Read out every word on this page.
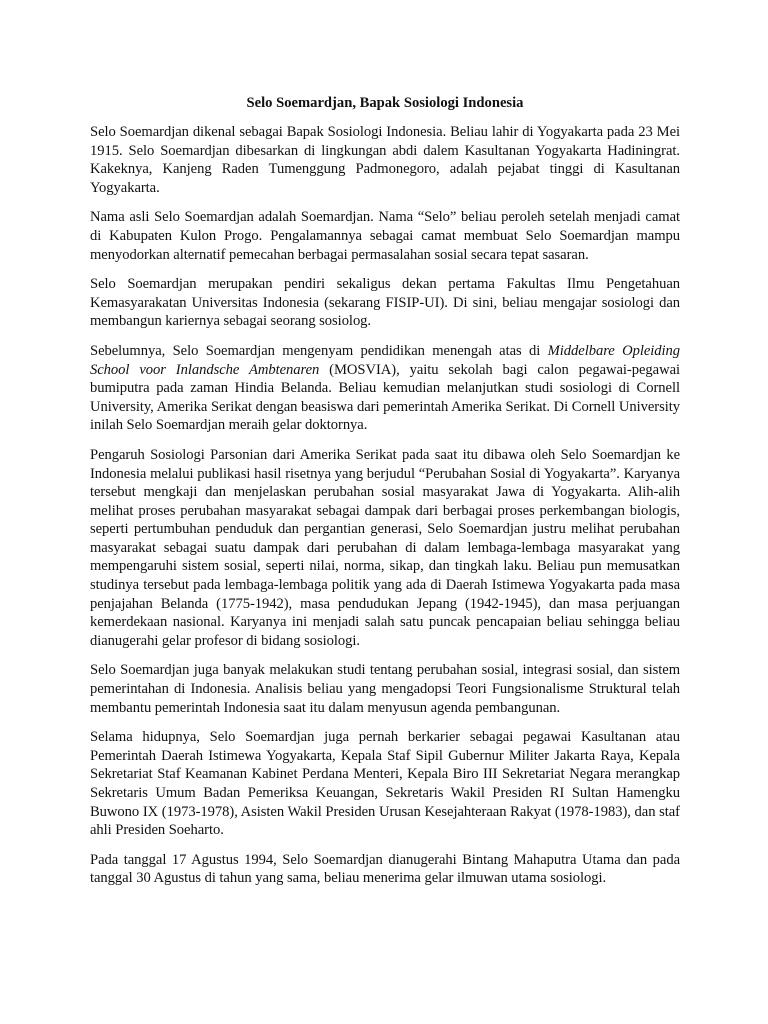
Selo Soemardjan, Bapak Sosiologi Indonesia

Selo Soemardjan dikenal sebagai Bapak Sosiologi Indonesia. Beliau lahir di Yogyakarta pada 23 Mei 1915. Selo Soemardjan dibesarkan di lingkungan abdi dalem Kasultanan Yogyakarta Hadiningrat. Kakeknya, Kanjeng Raden Tumenggung Padmonegoro, adalah pejabat tinggi di Kasultanan Yogyakarta.

Nama asli Selo Soemardjan adalah Soemardjan. Nama “Selo” beliau peroleh setelah menjadi camat di Kabupaten Kulon Progo. Pengalamannya sebagai camat membuat Selo Soemardjan mampu menyodorkan alternatif pemecahan berbagai permasalahan sosial secara tepat sasaran.

Selo Soemardjan merupakan pendiri sekaligus dekan pertama Fakultas Ilmu Pengetahuan Kemasyarakatan Universitas Indonesia (sekarang FISIP-UI). Di sini, beliau mengajar sosiologi dan membangun kariernya sebagai seorang sosiolog.

Sebelumnya, Selo Soemardjan mengenyam pendidikan menengah atas di Middelbare Opleiding School voor Inlandsche Ambtenaren (MOSVIA), yaitu sekolah bagi calon pegawai-pegawai bumiputra pada zaman Hindia Belanda. Beliau kemudian melanjutkan studi sosiologi di Cornell University, Amerika Serikat dengan beasiswa dari pemerintah Amerika Serikat. Di Cornell University inilah Selo Soemardjan meraih gelar doktornya.

Pengaruh Sosiologi Parsonian dari Amerika Serikat pada saat itu dibawa oleh Selo Soemardjan ke Indonesia melalui publikasi hasil risetnya yang berjudul “Perubahan Sosial di Yogyakarta”. Karyanya tersebut mengkaji dan menjelaskan perubahan sosial masyarakat Jawa di Yogyakarta. Alih-alih melihat proses perubahan masyarakat sebagai dampak dari berbagai proses perkembangan biologis, seperti pertumbuhan penduduk dan pergantian generasi, Selo Soemardjan justru melihat perubahan masyarakat sebagai suatu dampak dari perubahan di dalam lembaga-lembaga masyarakat yang mempengaruhi sistem sosial, seperti nilai, norma, sikap, dan tingkah laku. Beliau pun memusatkan studinya tersebut pada lembaga-lembaga politik yang ada di Daerah Istimewa Yogyakarta pada masa penjajahan Belanda (1775-1942), masa pendudukan Jepang (1942-1945), dan masa perjuangan kemerdekaan nasional. Karyanya ini menjadi salah satu puncak pencapaian beliau sehingga beliau dianugerahi gelar profesor di bidang sosiologi.

Selo Soemardjan juga banyak melakukan studi tentang perubahan sosial, integrasi sosial, dan sistem pemerintahan di Indonesia. Analisis beliau yang mengadopsi Teori Fungsionalisme Struktural telah membantu pemerintah Indonesia saat itu dalam menyusun agenda pembangunan.

Selama hidupnya, Selo Soemardjan juga pernah berkarier sebagai pegawai Kasultanan atau Pemerintah Daerah Istimewa Yogyakarta, Kepala Staf Sipil Gubernur Militer Jakarta Raya, Kepala Sekretariat Staf Keamanan Kabinet Perdana Menteri, Kepala Biro III Sekretariat Negara merangkap Sekretaris Umum Badan Pemeriksa Keuangan, Sekretaris Wakil Presiden RI Sultan Hamengku Buwono IX (1973-1978), Asisten Wakil Presiden Urusan Kesejahteraan Rakyat (1978-1983), dan staf ahli Presiden Soeharto.

Pada tanggal 17 Agustus 1994, Selo Soemardjan dianugerahi Bintang Mahaputra Utama dan pada tanggal 30 Agustus di tahun yang sama, beliau menerima gelar ilmuwan utama sosiologi.
